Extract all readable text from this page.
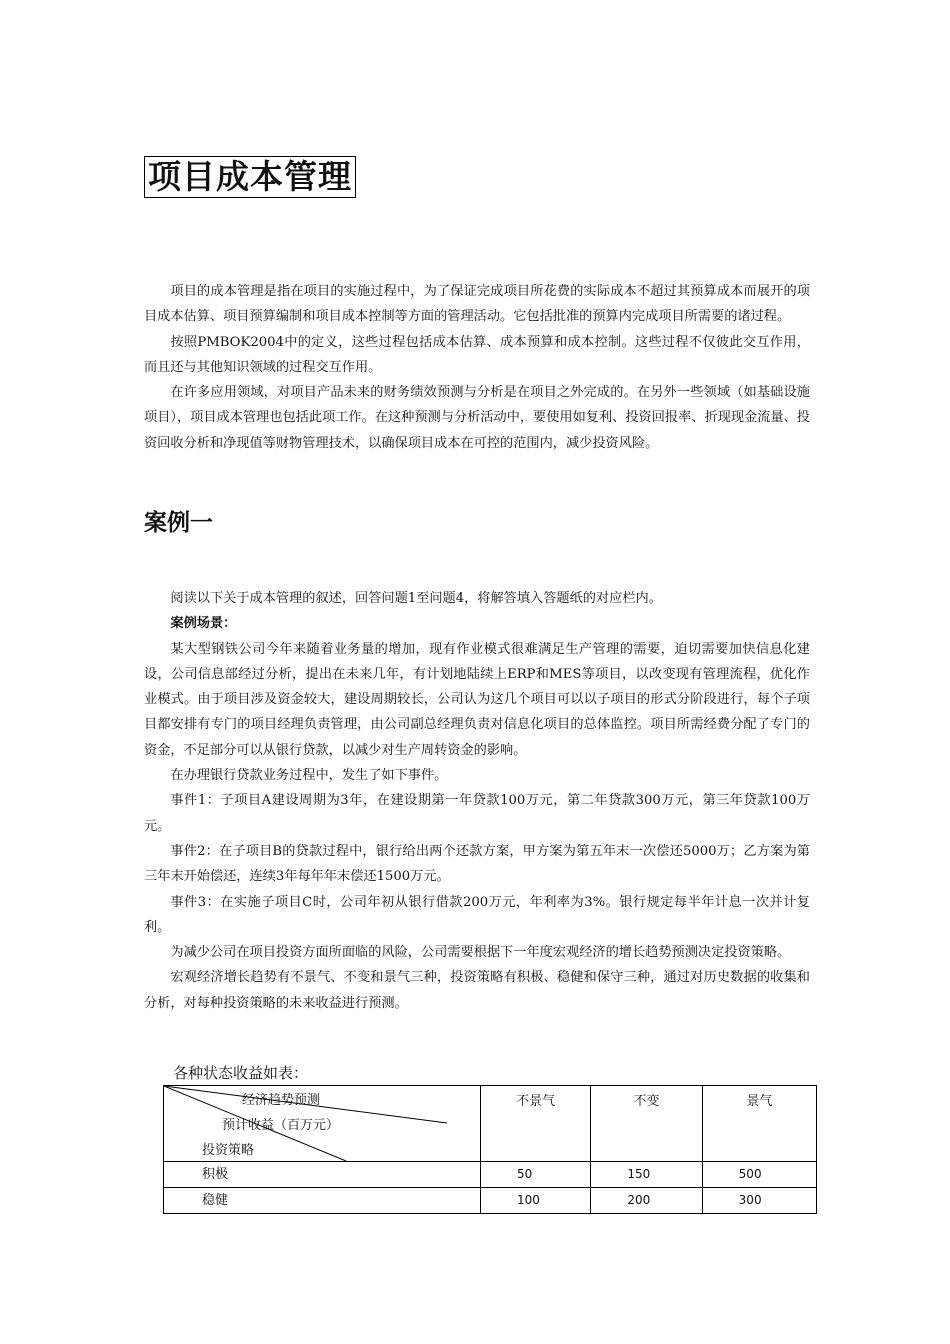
项目成本管理

项目的成本管理是指在项目的实施过程中，为了保证完成项目所花费的实际成本不超过其预算成本而展开的项目成本估算、项目预算编制和项目成本控制等方面的管理活动。它包括批准的预算内完成项目所需要的诸过程。

按照PMBOK2004中的定义，这些过程包括成本估算、成本预算和成本控制。这些过程不仅彼此交互作用，而且还与其他知识领域的过程交互作用。

在许多应用领域，对项目产品未来的财务绩效预测与分析是在项目之外完成的。在另外一些领域（如基础设施项目），项目成本管理也包括此项工作。在这种预测与分析活动中，要使用如复利、投资回报率、折现现金流量、投资回收分析和净现值等财物管理技术，以确保项目成本在可控的范围内，减少投资风险。

案例一

阅读以下关于成本管理的叙述，回答问题1至问题4，将解答填入答题纸的对应栏内。

案例场景：

某大型钢铁公司今年来随着业务量的增加，现有作业模式很难满足生产管理的需要，迫切需要加快信息化建设，公司信息部经过分析，提出在未来几年，有计划地陆续上ERP和MES等项目，以改变现有管理流程，优化作业模式。由于项目涉及资金较大，建设周期较长，公司认为这几个项目可以以子项目的形式分阶段进行，每个子项目都安排有专门的项目经理负责管理，由公司副总经理负责对信息化项目的总体监控。项目所需经费分配了专门的资金，不足部分可以从银行贷款，以减少对生产周转资金的影响。

在办理银行贷款业务过程中，发生了如下事件。

事件1：子项目A建设周期为3年，在建设期第一年贷款100万元，第二年贷款300万元，第三年贷款100万元。

事件2：在子项目B的贷款过程中，银行给出两个还款方案，甲方案为第五年末一次偿还5000万；乙方案为第三年末开始偿还，连续3年每年年末偿还1500万元。

事件3：在实施子项目C时，公司年初从银行借款200万元，年利率为3%。银行规定每半年计息一次并计复利。

为减少公司在项目投资方面所面临的风险，公司需要根据下一年度宏观经济的增长趋势预测决定投资策略。

宏观经济增长趋势有不景气、不变和景气三种，投资策略有积极、稳健和保守三种，通过对历史数据的收集和分析，对每种投资策略的未来收益进行预测。

各种状态收益如表：
经济趋势预测
预计收益（百万元）
投资策略	不景气	不变	景气
积极	50	150	500
稳健	100	200	300
